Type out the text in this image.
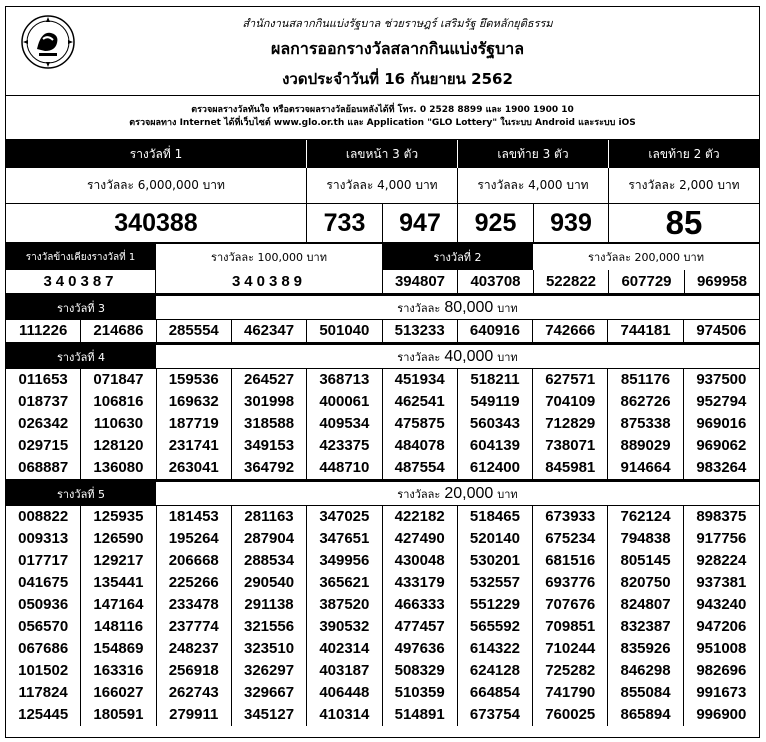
สำนักงานสลากกินแบ่งรัฐบาล ช่วยราษฎร์ เสริมรัฐ ยึดหลักยุติธรรม
ผลการออกรางวัลสลากกินแบ่งรัฐบาล
งวดประจำวันที่ 16 กันยายน 2562
ตรวจผลรางวัลทันใจ หรือตรวจผลรางวัลย้อนหลังได้ที่ โทร. 0 2528 8899 และ 1900 1900 10
ตรวจผลทาง Internet ได้ที่เว็บไซต์ www.glo.or.th และ Application "GLO Lottery" ในระบบ Android และระบบ iOS
รางวัลที่ 1	เลขหน้า 3 ตัว	เลขท้าย 3 ตัว	เลขท้าย 2 ตัว
รางวัลละ 6,000,000 บาท	รางวัลละ 4,000 บาท	รางวัลละ 4,000 บาท	รางวัลละ 2,000 บาท
340388	733	947	925	939	85
รางวัลข้างเคียงรางวัลที่ 1	รางวัลละ 100,000 บาท	รางวัลที่ 2	รางวัลละ 200,000 บาท
340387	340389	394807	403708	522822	607729	969958
รางวัลที่ 3	รางวัลละ 80,000 บาท
111226	214686	285554	462347	501040	513233	640916	742666	744181	974506
รางวัลที่ 4	รางวัลละ 40,000 บาท
011653	071847	159536	264527	368713	451934	518211	627571	851176	937500
018737	106816	169632	301998	400061	462541	549119	704109	862726	952794
026342	110630	187719	318588	409534	475875	560343	712829	875338	969016
029715	128120	231741	349153	423375	484078	604139	738071	889029	969062
068887	136080	263041	364792	448710	487554	612400	845981	914664	983264
รางวัลที่ 5	รางวัลละ 20,000 บาท
008822	125935	181453	281163	347025	422182	518465	673933	762124	898375
009313	126590	195264	287904	347651	427490	520140	675234	794838	917756
017717	129217	206668	288534	349956	430048	530201	681516	805145	928224
041675	135441	225266	290540	365621	433179	532557	693776	820750	937381
050936	147164	233478	291138	387520	466333	551229	707676	824807	943240
056570	148116	237774	321556	390532	477457	565592	709851	832387	947206
067686	154869	248237	323510	402314	497636	614322	710244	835926	951008
101502	163316	256918	326297	403187	508329	624128	725282	846298	982696
117824	166027	262743	329667	406448	510359	664854	741790	855084	991673
125445	180591	279911	345127	410314	514891	673754	760025	865894	996900
